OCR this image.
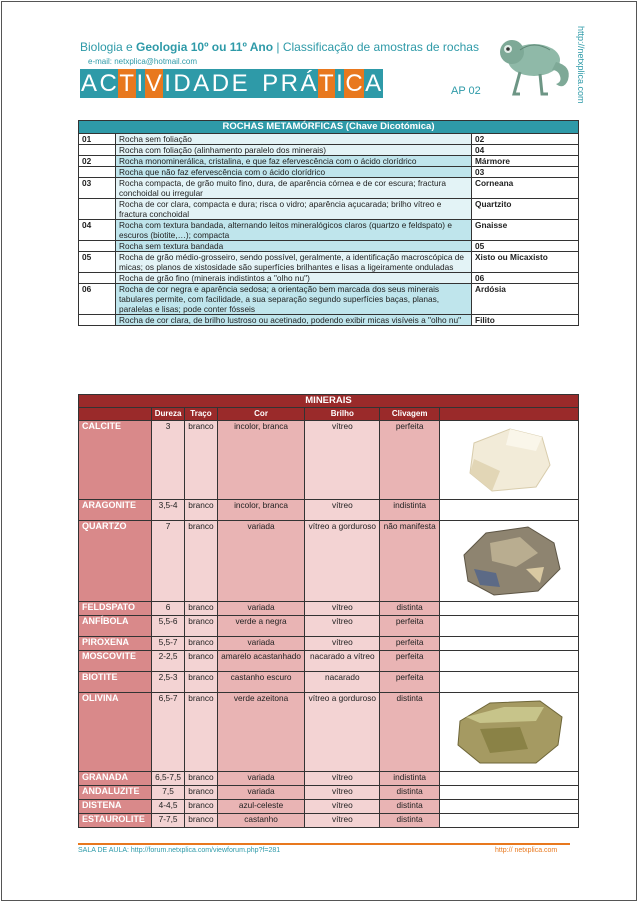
Biologia e Geologia 10º ou 11º Ano | Classificação de amostras de rochas
e-mail: netxplica@hotmail.com
A C T I V I D A D E P R Á T I C A	AP 02	http://netxplica.com
ROCHAS METAMÓRFICAS (Chave Dicotómica)		
01	Rocha sem foliação	02
	Rocha com foliação (alinhamento paralelo dos minerais)	04
02	Rocha monominerálica, cristalina, e que faz efervescência com o ácido clorídrico	Mármore
	Rocha que não faz efervescência com o ácido clorídrico	03
03	Rocha compacta, de grão muito fino, dura, de aparência córnea e de cor escura; fractura conchoidal ou irregular	Corneana
	Rocha de cor clara, compacta e dura; risca o vidro; aparência açucarada; brilho vítreo e fractura conchoidal	Quartzito
04	Rocha com textura bandada, alternando leitos mineralógicos claros (quartzo e feldspato) e escuros (biotite,…); compacta	Gnaisse
	Rocha sem textura bandada	05
05	Rocha de grão médio-grosseiro, sendo possível, geralmente, a identificação macroscópica de micas; os planos de xistosidade são superfícies brilhantes e lisas a ligeiramente onduladas	Xisto ou Micaxisto
	Rocha de grão fino (minerais indistintos a "olho nu")	06
06	Rocha de cor negra e aparência sedosa; a orientação bem marcada dos seus minerais tabulares permite, com facilidade, a sua separação segundo superfícies baças, planas, paralelas e lisas; pode conter fósseis	Ardósia
	Rocha de cor clara, de brilho lustroso ou acetinado, podendo exibir micas visíveis a "olho nu"	Filito
MINERAIS						
	Dureza	Traço	Cor	Brilho	Clivagem	
CALCITE	3	branco	incolor, branca	vítreo	perfeita	
ARAGONITE	3,5-4	branco	incolor, branca	vítreo	indistinta	
QUARTZO	7	branco	variada	vítreo a gorduroso	não manifesta	
FELDSPATO	6	branco	variada	vítreo	distinta	
ANFÍBOLA	5,5-6	branco	verde a negra	vítreo	perfeita	
PIROXENA	5,5-7	branco	variada	vítreo	perfeita	
MOSCOVITE	2-2,5	branco	amarelo acastanhado	nacarado a vítreo	perfeita	
BIOTITE	2,5-3	branco	castanho escuro	nacarado	perfeita	
OLIVINA	6,5-7	branco	verde azeitona	vítreo a gorduroso	distinta	
GRANADA	6,5-7,5	branco	variada	vítreo	indistinta	
ANDALUZITE	7,5	branco	variada	vítreo	distinta	
DISTENA	4-4,5	branco	azul-celeste	vítreo	distinta	
ESTAUROLITE	7-7,5	branco	castanho	vítreo	distinta	
SALA DE AULA: http://forum.netxplica.com/viewforum.php?f=281	http:// netxplica.com
